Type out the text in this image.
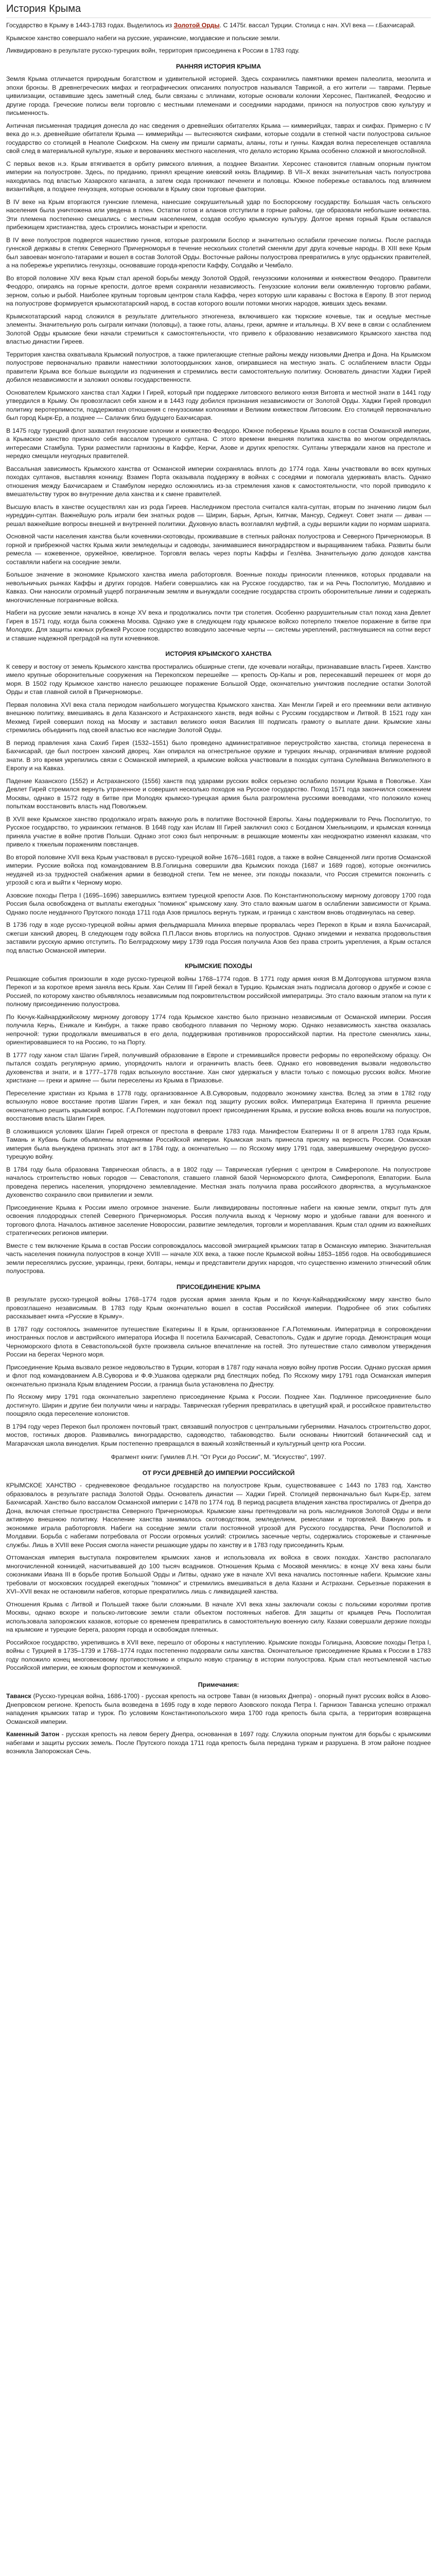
История Крыма

Государство в Крыму в 1443-1783 годах. Выделилось из Золотой Орды. С 1475г. вассал Турции. Столица с нач. XVI века — г.Бахчисарай.

Крымское ханство совершало набеги на русские, украинские, молдавские и польские земли.

Ликвидировано в результате русско-турецких войн, территория присоединена к России в 1783 году.

РАННЯЯ ИСТОРИЯ КРЫМА

Земля Крыма отличается природным богатством и удивительной историей. Здесь сохранились памятники времен палеолита, мезолита и эпохи бронзы. В древнегреческих мифах и географических описаниях полуостров назывался Таврикой, а его жители — таврами. Первые цивилизации, оставившие здесь заметный след, были связаны с эллинами, которые основали колонии Херсонес, Пантикапей, Феодосию и другие города. Греческие полисы вели торговлю с местными племенами и соседними народами, принося на полуостров свою культуру и письменность.

Античная письменная традиция донесла до нас сведения о древнейших обитателях Крыма — киммерийцах, таврах и скифах. Примерно с IV века до н.э. древнейшие обитатели Крыма — киммерийцы — вытесняются скифами, которые создали в степной части полуострова сильное государство со столицей в Неаполе Скифском. На смену им пришли сарматы, аланы, готы и гунны. Каждая волна переселенцев оставляла свой след в материальной культуре, языке и верованиях местного населения, что делало историю Крыма особенно сложной и многослойной.

С первых веков н.э. Крым втягивается в орбиту римского влияния, а позднее Византии. Херсонес становится главным опорным пунктом империи на полуострове. Здесь, по преданию, принял крещение киевский князь Владимир. В VII–X веках значительная часть полуострова находилась под властью Хазарского каганата, а затем сюда проникают печенеги и половцы. Южное побережье оставалось под влиянием византийцев, а позднее генуэзцев, которые основали в Крыму свои торговые фактории.

В IV веке на Крым вторгаются гуннские племена, нанесшие сокрушительный удар по Боспорскому государству. Большая часть сельского населения была уничтожена или уведена в плен. Остатки готов и аланов отступили в горные районы, где образовали небольшие княжества. Эти племена постепенно смешались с местным населением, создав особую крымскую культуру. Долгое время горный Крым оставался прибежищем христианства, здесь строились монастыри и крепости.

В IV веке полуостров подвергся нашествию гуннов, которые разгромили Боспор и значительно ослабили греческие полисы. После распада гуннской державы в степях Северного Причерноморья в течение нескольких столетий сменяли друг друга кочевые народы. В XIII веке Крым был завоеван монголо-татарами и вошел в состав Золотой Орды. Восточные районы полуострова превратились в улус ордынских правителей, а на побережье укрепились генуэзцы, основавшие города-крепости Каффу, Солдайю и Чембало.

Во второй половине XIV века Крым стал ареной борьбы между Золотой Ордой, генуэзскими колониями и княжеством Феодоро. Правители Феодоро, опираясь на горные крепости, долгое время сохраняли независимость. Генуэзские колонии вели оживленную торговлю рабами, зерном, солью и рыбой. Наиболее крупным торговым центром стала Каффа, через которую шли караваны с Востока в Европу. В этот период на полуострове формируется крымскотатарский народ, в состав которого вошли потомки многих народов, живших здесь веками.

Крымскотатарский народ сложился в результате длительного этногенеза, включившего как тюркские кочевые, так и оседлые местные элементы. Значительную роль сыграли кипчаки (половцы), а также готы, аланы, греки, армяне и итальянцы. В XV веке в связи с ослаблением Золотой Орды крымские беки начали стремиться к самостоятельности, что привело к образованию независимого Крымского ханства под властью династии Гиреев.

Территория ханства охватывала Крымский полуостров, а также прилегающие степные районы между низовьями Днепра и Дона. На Крымском полуострове первоначально правили наместники золотоордынских ханов, опиравшиеся на местную знать. С ослаблением власти Орды правители Крыма все больше выходили из подчинения и стремились вести самостоятельную политику. Основатель династии Хаджи Гирей добился независимости и заложил основы государственности.

Основателем Крымского ханства стал Хаджи I Гирей, который при поддержке литовского великого князя Витовта и местной знати в 1441 году утвердился в Крыму. Он провозгласил себя ханом и в 1443 году добился признания независимости от Золотой Орды. Хаджи Гирей проводил политику веротерпимости, поддерживал отношения с генуэзскими колониями и Великим княжеством Литовским. Его столицей первоначально был город Кырк-Ер, а позднее — Салачик близ будущего Бахчисарая.

В 1475 году турецкий флот захватил генуэзские колонии и княжество Феодоро. Южное побережье Крыма вошло в состав Османской империи, а Крымское ханство признало себя вассалом турецкого султана. С этого времени внешняя политика ханства во многом определялась интересами Стамбула. Турки разместили гарнизоны в Каффе, Керчи, Азове и других крепостях. Султаны утверждали ханов на престоле и нередко смещали неугодных правителей.

Вассальная зависимость Крымского ханства от Османской империи сохранялась вплоть до 1774 года. Ханы участвовали во всех крупных походах султанов, выставляя конницу. Взамен Порта оказывала поддержку в войнах с соседями и помогала удерживать власть. Однако отношения между Бахчисараем и Стамбулом нередко осложнялись из-за стремления ханов к самостоятельности, что порой приводило к вмешательству турок во внутренние дела ханства и к смене правителей.

Высшую власть в ханстве осуществлял хан из рода Гиреев. Наследником престола считался калга-султан, вторым по значению лицом был нуреддин-султан. Важнейшую роль играли беи знатных родов — Ширин, Барын, Аргын, Кипчак, Мансур, Седжеут. Совет знати — диван — решал важнейшие вопросы внешней и внутренней политики. Духовную власть возглавлял муфтий, а суды вершили кадии по нормам шариата.

Основной части населения ханства были кочевники-скотоводы, проживавшие в степных районах полуострова и Северного Причерноморья. В горной и прибрежной частях Крыма жили земледельцы и садоводы, занимавшиеся виноградарством и выращиванием табака. Развиты были ремесла — кожевенное, оружейное, ювелирное. Торговля велась через порты Каффы и Гезлёва. Значительную долю доходов ханства составляли набеги на соседние земли.

Большое значение в экономике Крымского ханства имела работорговля. Военные походы приносили пленников, которых продавали на невольничьих рынках Каффы и других городов. Набеги совершались как на Русское государство, так и на Речь Посполитую, Молдавию и Кавказ. Они наносили огромный ущерб пограничным землям и вынуждали соседние государства строить оборонительные линии и содержать многочисленные пограничные войска.

Набеги на русские земли начались в конце XV века и продолжались почти три столетия. Особенно разрушительным стал поход хана Девлет Гирея в 1571 году, когда была сожжена Москва. Однако уже в следующем году крымское войско потерпело тяжелое поражение в битве при Молодях. Для защиты южных рубежей Русское государство возводило засечные черты — системы укреплений, растянувшиеся на сотни верст и ставшие надежной преградой на пути кочевников.

ИСТОРИЯ КРЫМСКОГО ХАНСТВА

К северу и востоку от земель Крымского ханства простирались обширные степи, где кочевали ногайцы, признававшие власть Гиреев. Ханство имело крупные оборонительные сооружения на Перекопском перешейке — крепость Ор-Капы и ров, пересекавший перешеек от моря до моря. В 1502 году Крымское ханство нанесло решающее поражение Большой Орде, окончательно уничтожив последние остатки Золотой Орды и став главной силой в Причерноморье.

Первая половина XVI века стала периодом наибольшего могущества Крымского ханства. Хан Менгли Гирей и его преемники вели активную внешнюю политику, вмешиваясь в дела Казанского и Астраханского ханств, ведя войны с Русским государством и Литвой. В 1521 году хан Мехмед Гирей совершил поход на Москву и заставил великого князя Василия III подписать грамоту о выплате дани. Крымские ханы стремились объединить под своей властью все наследие Золотой Орды.

В период правления хана Сахиб Гирея (1532–1551) было проведено административное переустройство ханства, столица перенесена в Бахчисарай, где был построен ханский дворец. Хан опирался на огнестрельное оружие и турецких янычар, ограничивая влияние родовой знати. В это время укрепились связи с Османской империей, а крымские войска участвовали в походах султана Сулеймана Великолепного в Европу и на Кавказ.

Падение Казанского (1552) и Астраханского (1556) ханств под ударами русских войск серьезно ослабило позиции Крыма в Поволжье. Хан Девлет Гирей стремился вернуть утраченное и совершил несколько походов на Русское государство. Поход 1571 года закончился сожжением Москвы, однако в 1572 году в битве при Молодях крымско-турецкая армия была разгромлена русскими воеводами, что положило конец попыткам восстановить власть над Поволжьем.

В XVII веке Крымское ханство продолжало играть важную роль в политике Восточной Европы. Ханы поддерживали то Речь Посполитую, то Русское государство, то украинских гетманов. В 1648 году хан Ислам III Гирей заключил союз с Богданом Хмельницким, и крымская конница приняла участие в войне против Польши. Однако этот союз был непрочным: в решающие моменты хан неоднократно изменял казакам, что привело к тяжелым поражениям повстанцев.

Во второй половине XVII века Крым участвовал в русско-турецкой войне 1676–1681 годов, а также в войне Священной лиги против Османской империи. Русские войска под командованием В.В.Голицына совершили два Крымских похода (1687 и 1689 годов), которые окончились неудачей из-за трудностей снабжения армии в безводной степи. Тем не менее, эти походы показали, что Россия стремится покончить с угрозой с юга и выйти к Черному морю.

Азовские походы Петра I (1695–1696) завершились взятием турецкой крепости Азов. По Константинопольскому мирному договору 1700 года Россия была освобождена от выплаты ежегодных "поминок" крымскому хану. Это стало важным шагом в ослаблении зависимости от Крыма. Однако после неудачного Прутского похода 1711 года Азов пришлось вернуть туркам, и граница с ханством вновь отодвинулась на север.

В 1736 году в ходе русско-турецкой войны армия фельдмаршала Миниха впервые прорвалась через Перекоп в Крым и взяла Бахчисарай, сжегши ханский дворец. В следующем году войска П.П.Ласси вновь вторглись на полуостров. Однако эпидемии и нехватка продовольствия заставили русскую армию отступить. По Белградскому миру 1739 года Россия получила Азов без права строить укрепления, а Крым остался под властью Османской империи.

КРЫМСКИЕ ПОХОДЫ

Решающие события произошли в ходе русско-турецкой войны 1768–1774 годов. В 1771 году армия князя В.М.Долгорукова штурмом взяла Перекоп и за короткое время заняла весь Крым. Хан Селим III Гирей бежал в Турцию. Крымская знать подписала договор о дружбе и союзе с Россией, по которому ханство объявлялось независимым под покровительством российской императрицы. Это стало важным этапом на пути к полному присоединению полуострова.

По Кючук-Кайнарджийскому мирному договору 1774 года Крымское ханство было признано независимым от Османской империи. Россия получила Керчь, Еникале и Кинбурн, а также право свободного плавания по Черному морю. Однако независимость ханства оказалась непрочной: турки продолжали вмешиваться в его дела, поддерживая противников пророссийской партии. На престоле сменялись ханы, ориентировавшиеся то на Россию, то на Порту.

В 1777 году ханом стал Шагин Гирей, получивший образование в Европе и стремившийся провести реформы по европейскому образцу. Он пытался создать регулярную армию, упорядочить налоги и ограничить власть беев. Однако его нововведения вызвали недовольство духовенства и знати, и в 1777–1778 годах вспыхнуло восстание. Хан смог удержаться у власти только с помощью русских войск. Многие христиане — греки и армяне — были переселены из Крыма в Приазовье.

Переселение христиан из Крыма в 1778 году, организованное А.В.Суворовым, подорвало экономику ханства. Вслед за этим в 1782 году вспыхнуло новое восстание против Шагин Гирея, и хан бежал под защиту русских войск. Императрица Екатерина II приняла решение окончательно решить крымский вопрос. Г.А.Потемкин подготовил проект присоединения Крыма, и русские войска вновь вошли на полуостров, восстановив власть Шагин Гирея.

В сложившихся условиях Шагин Гирей отрекся от престола в феврале 1783 года. Манифестом Екатерины II от 8 апреля 1783 года Крым, Тамань и Кубань были объявлены владениями Российской империи. Крымская знать принесла присягу на верность России. Османская империя была вынуждена признать этот акт в 1784 году, а окончательно — по Ясскому миру 1791 года, завершившему очередную русско-турецкую войну.

В 1784 году была образована Таврическая область, а в 1802 году — Таврическая губерния с центром в Симферополе. На полуострове началось строительство новых городов — Севастополя, ставшего главной базой Черноморского флота, Симферополя, Евпатории. Была проведена перепись населения, упорядочено землевладение. Местная знать получила права российского дворянства, а мусульманское духовенство сохранило свои привилегии и земли.

Присоединение Крыма к России имело огромное значение. Были ликвидированы постоянные набеги на южные земли, открыт путь для освоения плодородных степей Северного Причерноморья. Россия получила выход к Черному морю и удобные гавани для военного и торгового флота. Началось активное заселение Новороссии, развитие земледелия, торговли и мореплавания. Крым стал одним из важнейших стратегических регионов империи.

Вместе с тем включение Крыма в состав России сопровождалось массовой эмиграцией крымских татар в Османскую империю. Значительная часть населения покинула полуостров в конце XVIII — начале XIX века, а также после Крымской войны 1853–1856 годов. На освободившиеся земли переселялись русские, украинцы, греки, болгары, немцы и представители других народов, что существенно изменило этнический облик полуострова.

ПРИСОЕДИНЕНИЕ КРЫМА

В результате русско-турецкой войны 1768–1774 годов русская армия заняла Крым и по Кючук-Кайнарджийскому миру ханство было провозглашено независимым. В 1783 году Крым окончательно вошел в состав Российской империи. Подробнее об этих событиях рассказывает книга «Русские в Крыму».

В 1787 году состоялось знаменитое путешествие Екатерины II в Крым, организованное Г.А.Потемкиным. Императрица в сопровождении иностранных послов и австрийского императора Иосифа II посетила Бахчисарай, Севастополь, Судак и другие города. Демонстрация мощи Черноморского флота в Севастопольской бухте произвела сильное впечатление на гостей. Это путешествие стало символом утверждения России на берегах Черного моря.

Присоединение Крыма вызвало резкое недовольство в Турции, которая в 1787 году начала новую войну против России. Однако русская армия и флот под командованием А.В.Суворова и Ф.Ф.Ушакова одержали ряд блестящих побед. По Ясскому миру 1791 года Османская империя окончательно признала Крым владением России, а граница была установлена по Днестру.

По Ясскому миру 1791 года окончательно закреплено присоединение Крыма к России. Позднее Хан. Подлинное присоединение было достигнуто. Ширин и другие беи получили чины и награды. Таврическая губерния превратилась в цветущий край, и российское правительство поощряло сюда переселение колонистов.

В 1794 году через Перекоп был проложен почтовый тракт, связавший полуостров с центральными губерниями. Началось строительство дорог, мостов, гостиных дворов. Развивались виноградарство, садоводство, табаководство. Были основаны Никитский ботанический сад и Магарачская школа виноделия. Крым постепенно превращался в важный хозяйственный и культурный центр юга России.

Фрагмент книги: Гумилев Л.Н. "От Руси до России", М. "Искусство", 1997.

ОТ РУСИ ДРЕВНЕЙ ДО ИМПЕРИИ РОССИЙСКОЙ

КРЫМСКОЕ ХАНСТВО - средневековое феодальное государство на полуострове Крым, существовавшее с 1443 по 1783 год. Ханство образовалось в результате распада Золотой Орды. Основатель династии — Хаджи Гирей. Столицей первоначально был Кырк-Ер, затем Бахчисарай. Ханство было вассалом Османской империи с 1478 по 1774 год. В период расцвета владения ханства простирались от Днепра до Дона, включая степные пространства Северного Причерноморья. Крымские ханы претендовали на роль наследников Золотой Орды и вели активную внешнюю политику. Население ханства занималось скотоводством, земледелием, ремеслами и торговлей. Важную роль в экономике играла работорговля. Набеги на соседние земли стали постоянной угрозой для Русского государства, Речи Посполитой и Молдавии. Борьба с набегами потребовала от России огромных усилий: строились засечные черты, содержались сторожевые и станичные службы. Лишь в XVIII веке Россия смогла нанести решающие удары по ханству и в 1783 году присоединить Крым.

Оттоманская империя выступала покровителем крымских ханов и использовала их войска в своих походах. Ханство располагало многочисленной конницей, насчитывавшей до 100 тысяч всадников. Отношения Крыма с Москвой менялись: в конце XV века ханы были союзниками Ивана III в борьбе против Большой Орды и Литвы, однако уже в начале XVI века начались постоянные набеги. Крымские ханы требовали от московских государей ежегодных "поминок" и стремились вмешиваться в дела Казани и Астрахани. Серьезные поражения в XVI–XVII веках не остановили набегов, которые прекратились лишь с ликвидацией ханства.

Отношения Крыма с Литвой и Польшей также были сложными. В начале XVI века ханы заключали союзы с польскими королями против Москвы, однако вскоре и польско-литовские земли стали объектом постоянных набегов. Для защиты от крымцев Речь Посполитая использовала запорожских казаков, которые со временем превратились в самостоятельную военную силу. Казаки совершали дерзкие походы на крымские и турецкие берега, разоряя города и освобождая пленных.

Российское государство, укрепившись в XVII веке, перешло от обороны к наступлению. Крымские походы Голицына, Азовские походы Петра I, войны с Турцией в 1735–1739 и 1768–1774 годах постепенно подорвали силы ханства. Окончательное присоединение Крыма к России в 1783 году положило конец многовековому противостоянию и открыло новую страницу в истории полуострова. Крым стал неотъемлемой частью Российской империи, ее южным форпостом и жемчужиной.

Примечания:

Таванск (Русско-турецкая война, 1686-1700) - русская крепость на острове Таван (в низовьях Днепра) - опорный пункт русских войск в Азово-Днепровском регионе. Крепость была возведена в 1695 году в ходе первого Азовского похода Петра I. Гарнизон Таванска успешно отражал нападения крымских татар и турок. По условиям Константинопольского мира 1700 года крепость была срыта, а территория возвращена Османской империи.

Каменный Затон - русская крепость на левом берегу Днепра, основанная в 1697 году. Служила опорным пунктом для борьбы с крымскими набегами и защиты русских земель. После Прутского похода 1711 года крепость была передана туркам и разрушена. В этом районе позднее возникла Запорожская Сечь.
